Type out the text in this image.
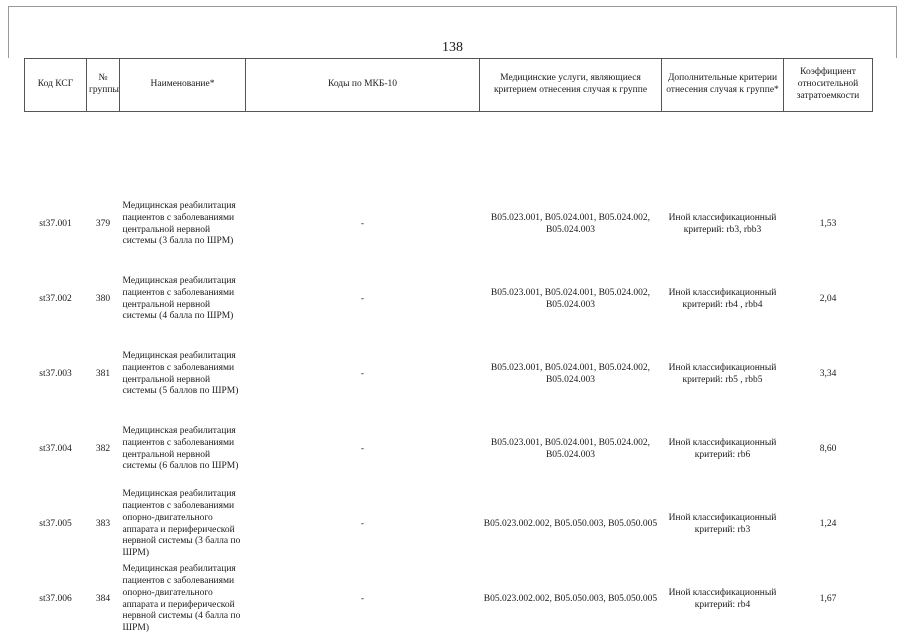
138
Код КСГ	№ группы	Наименование*	Коды по МКБ-10	Медицинские услуги, являющиеся критерием отнесения случая к группе	Дополнительные критерии отнесения случая к группе*	Коэффициент относительной затратоемкости

st37.001	379	Медицинская реабилитация пациентов с заболеваниями центральной нервной системы (3 балла по ШРМ)	-	B05.023.001, B05.024.001, B05.024.002, B05.024.003	Иной классификационный критерий: rb3, rbb3	1,53
st37.002	380	Медицинская реабилитация пациентов с заболеваниями центральной нервной системы (4 балла по ШРМ)	-	B05.023.001, B05.024.001, B05.024.002, B05.024.003	Иной классификационный критерий: rb4 , rbb4	2,04
st37.003	381	Медицинская реабилитация пациентов с заболеваниями центральной нервной системы (5 баллов по ШРМ)	-	B05.023.001, B05.024.001, B05.024.002, B05.024.003	Иной классификационный критерий: rb5 , rbb5	3,34
st37.004	382	Медицинская реабилитация пациентов с заболеваниями центральной нервной системы (6 баллов по ШРМ)	-	B05.023.001, B05.024.001, B05.024.002, B05.024.003	Иной классификационный критерий: rb6	8,60
st37.005	383	Медицинская реабилитация пациентов с заболеваниями опорно-двигательного аппарата и периферической нервной системы (3 балла по ШРМ)	-	B05.023.002.002, B05.050.003, B05.050.005	Иной классификационный критерий: rb3	1,24
st37.006	384	Медицинская реабилитация пациентов с заболеваниями опорно-двигательного аппарата и периферической нервной системы (4 балла по ШРМ)	-	B05.023.002.002, B05.050.003, B05.050.005	Иной классификационный критерий: rb4	1,67
